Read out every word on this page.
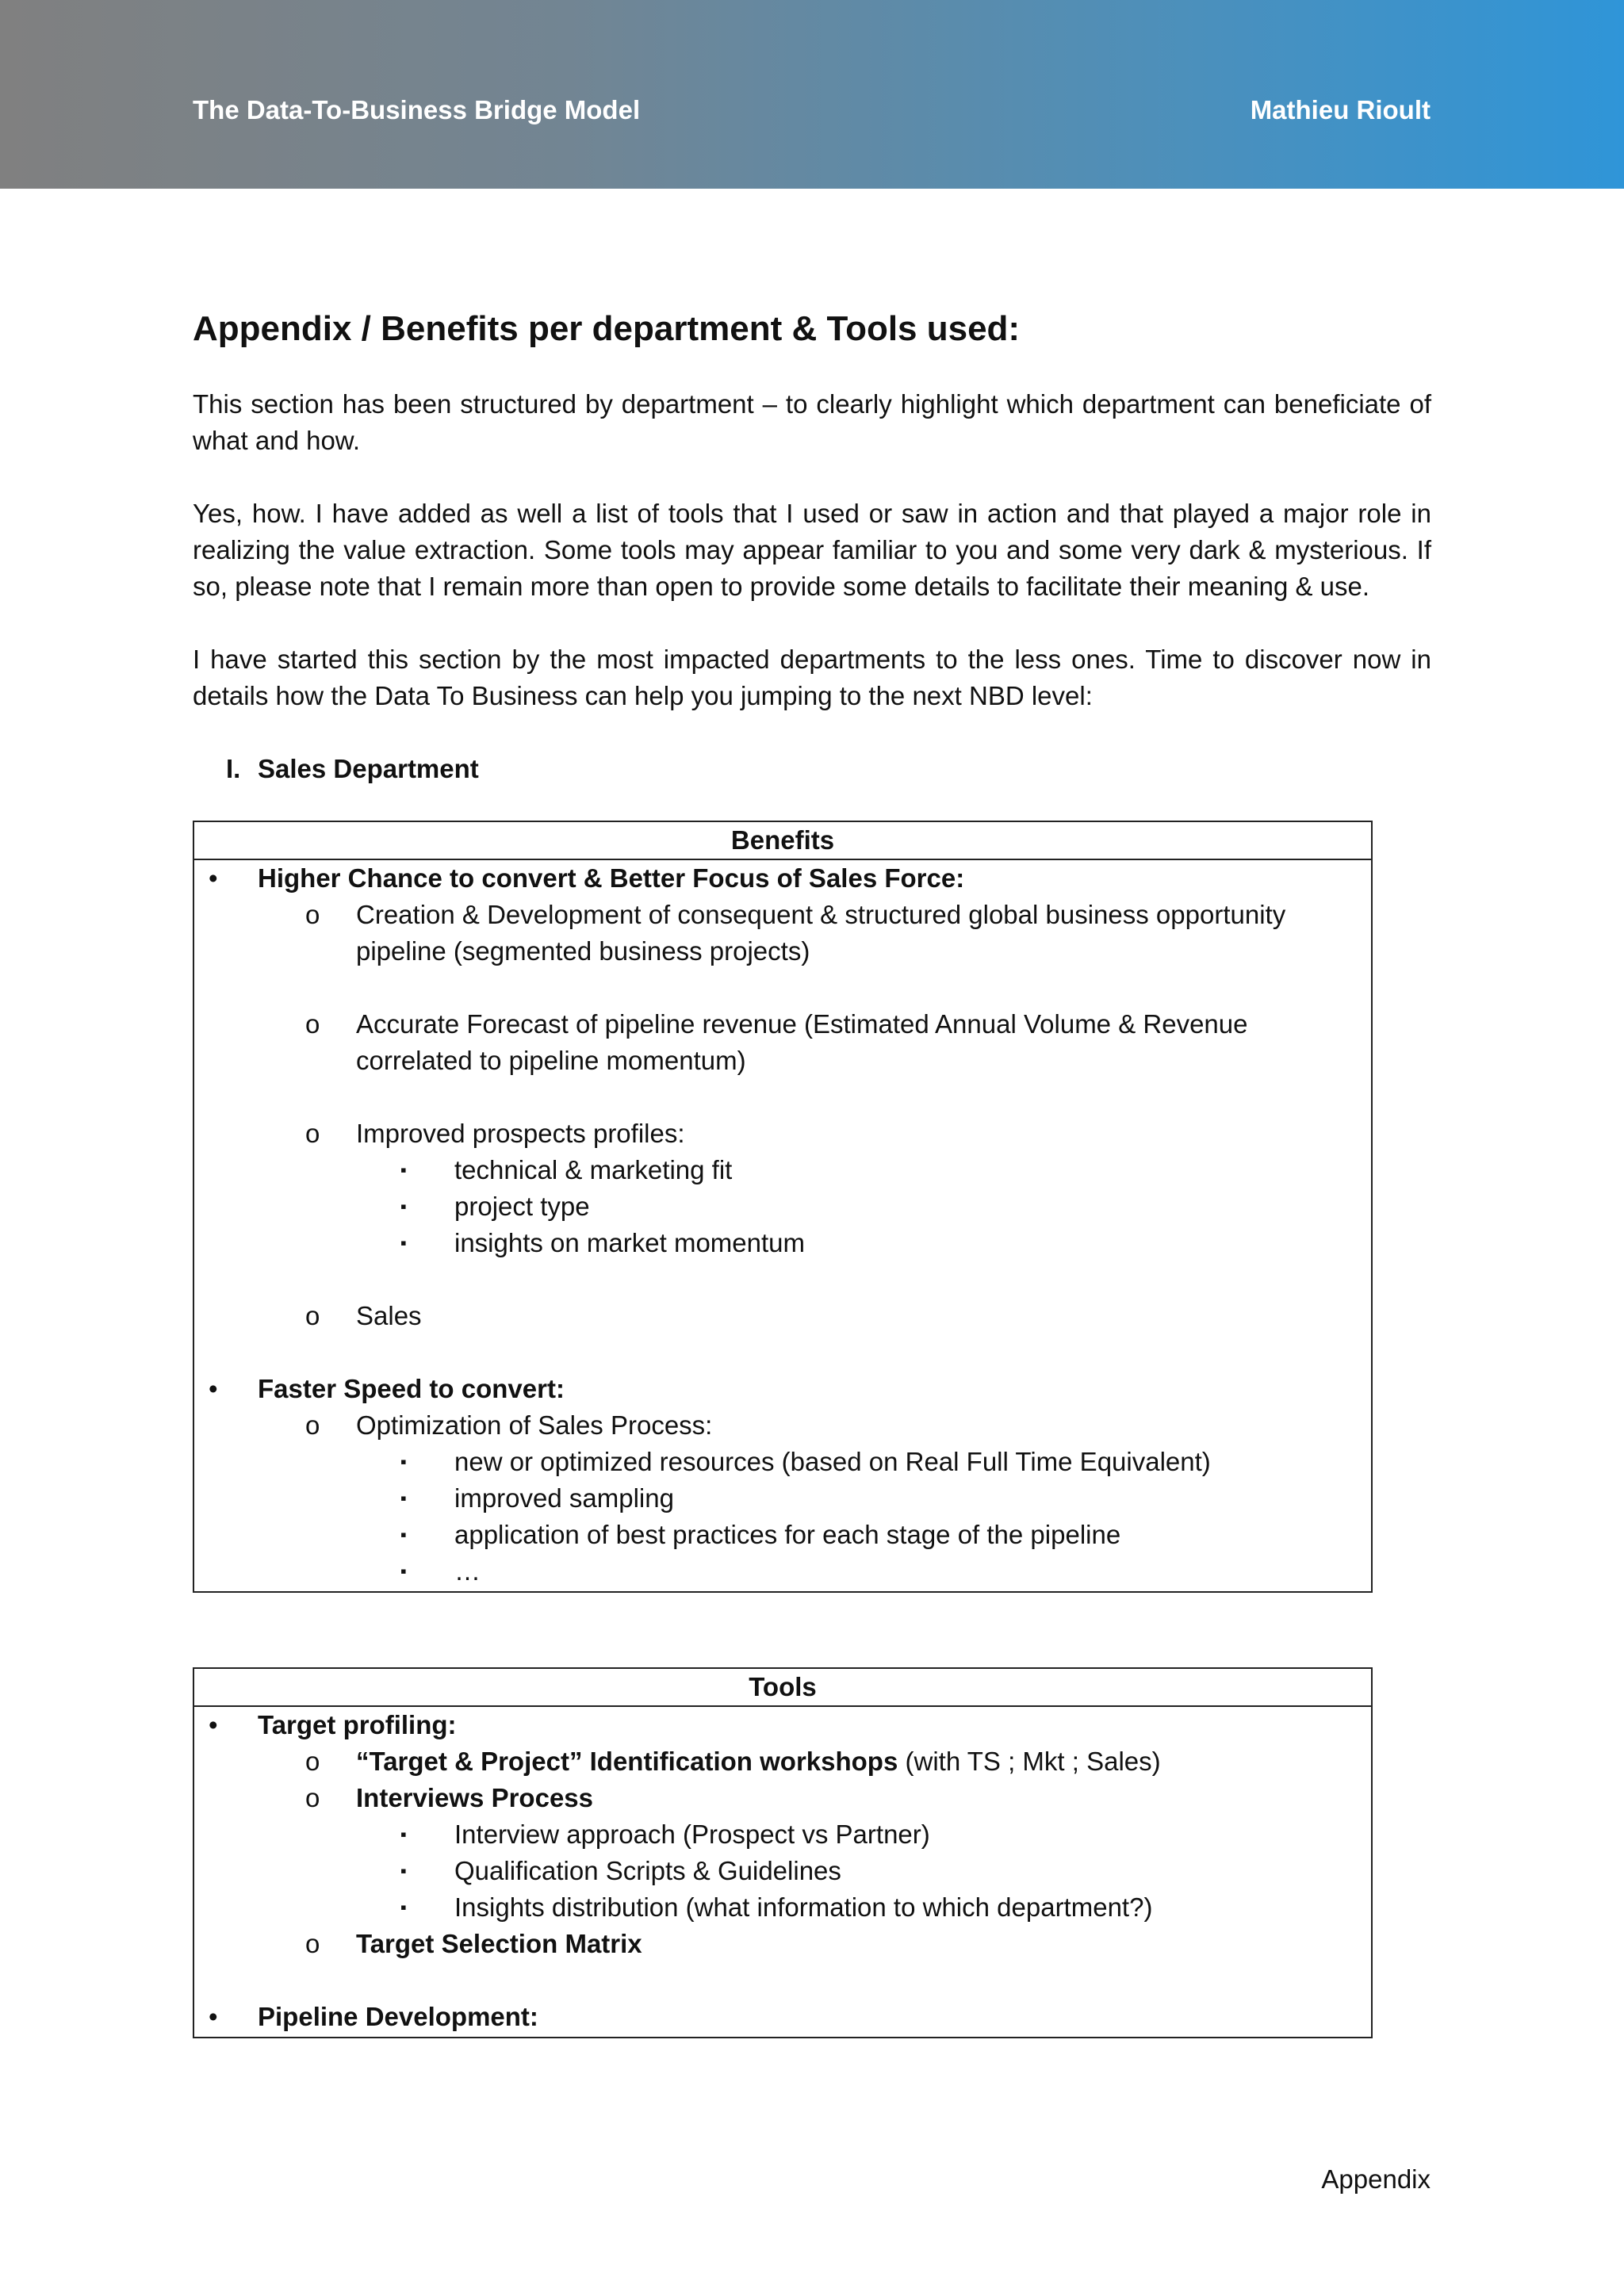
The Data-To-Business Bridge Model	Mathieu Rioult
Appendix / Benefits per department & Tools used:
This section has been structured by department – to clearly highlight which department can beneficiate of what and how.
Yes, how. I have added as well a list of tools that I used or saw in action and that played a major role in realizing the value extraction. Some tools may appear familiar to you and some very dark & mysterious. If so, please note that I remain more than open to provide some details to facilitate their meaning & use.
I have started this section by the most impacted departments to the less ones. Time to discover now in details how the Data To Business can help you jumping to the next NBD level:
I. Sales Department
Benefits
•	Higher Chance to convert & Better Focus of Sales Force:
o	Creation & Development of consequent & structured global business opportunity pipeline (segmented business projects)
o	Accurate Forecast of pipeline revenue (Estimated Annual Volume & Revenue correlated to pipeline momentum)
o	Improved prospects profiles:
▪	technical & marketing fit
▪	project type
▪	insights on market momentum
o	Sales
•	Faster Speed to convert:
o	Optimization of Sales Process:
▪	new or optimized resources (based on Real Full Time Equivalent)
▪	improved sampling
▪	application of best practices for each stage of the pipeline
▪	…
Tools
•	Target profiling:
o	“Target & Project” Identification workshops (with TS ; Mkt ; Sales)
o	Interviews Process
▪	Interview approach (Prospect vs Partner)
▪	Qualification Scripts & Guidelines
▪	Insights distribution (what information to which department?)
o	Target Selection Matrix
•	Pipeline Development:
Appendix
